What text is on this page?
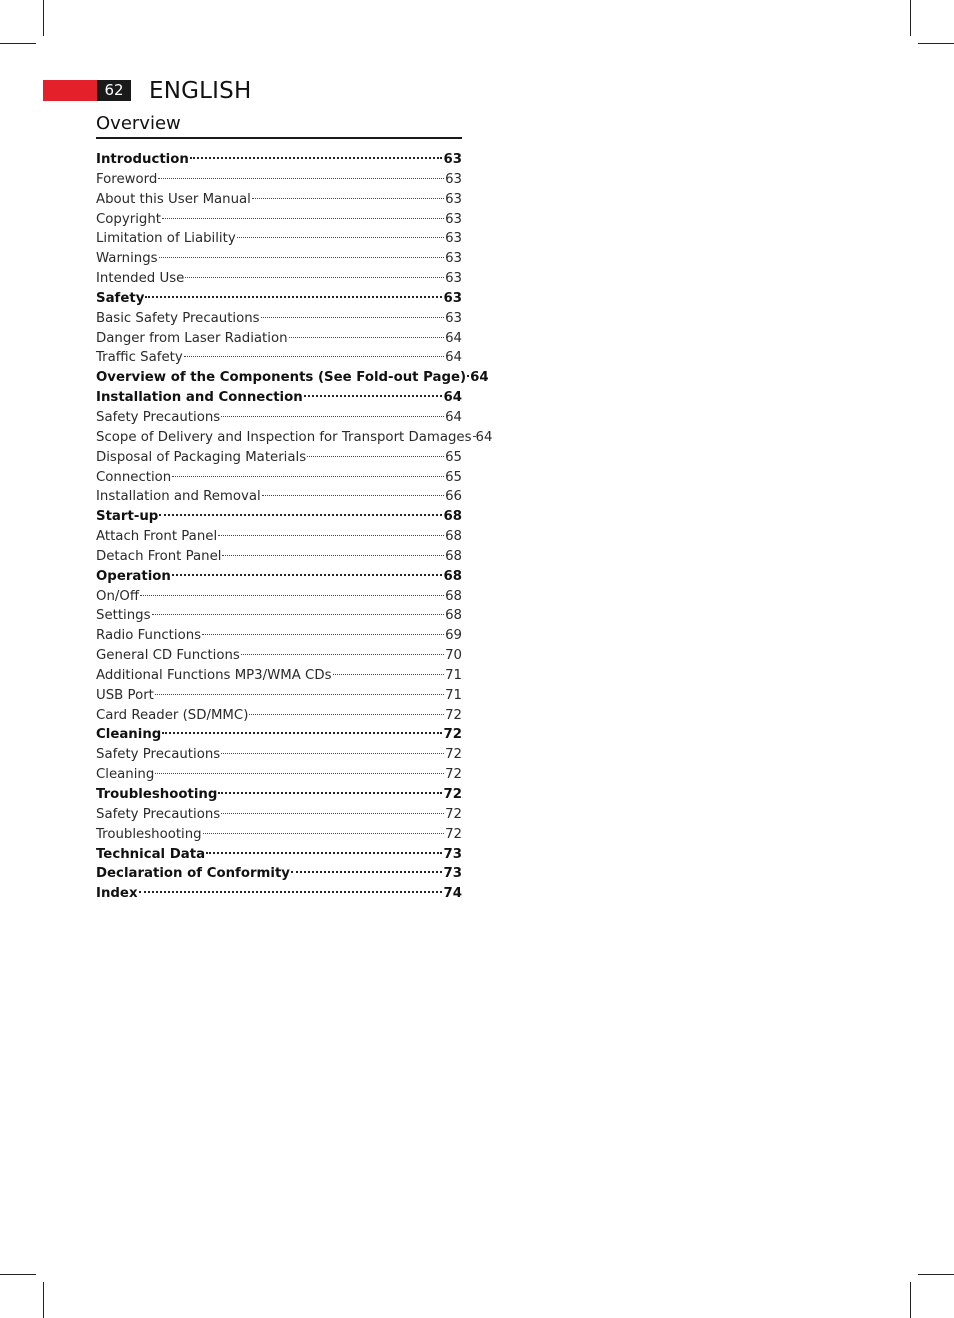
62	ENGLISH
Overview
Introduction	63
Foreword	63
About this User Manual	63
Copyright	63
Limitation of Liability	63
Warnings	63
Intended Use	63
Safety	63
Basic Safety Precautions	63
Danger from Laser Radiation	64
Traffic Safety	64
Overview of the Components (See Fold-out Page) 64
Installation and Connection	64
Safety Precautions	64
Scope of Delivery and Inspection for Transport Damages 64
Disposal of Packaging Materials	65
Connection	65
Installation and Removal	66
Start-up	68
Attach Front Panel	68
Detach Front Panel	68
Operation	68
On/Off	68
Settings	68
Radio Functions	69
General CD Functions	70
Additional Functions MP3/WMA CDs	71
USB Port	71
Card Reader (SD/MMC)	72
Cleaning	72
Safety Precautions	72
Cleaning	72
Troubleshooting	72
Safety Precautions	72
Troubleshooting	72
Technical Data	73
Declaration of Conformity	73
Index	74
